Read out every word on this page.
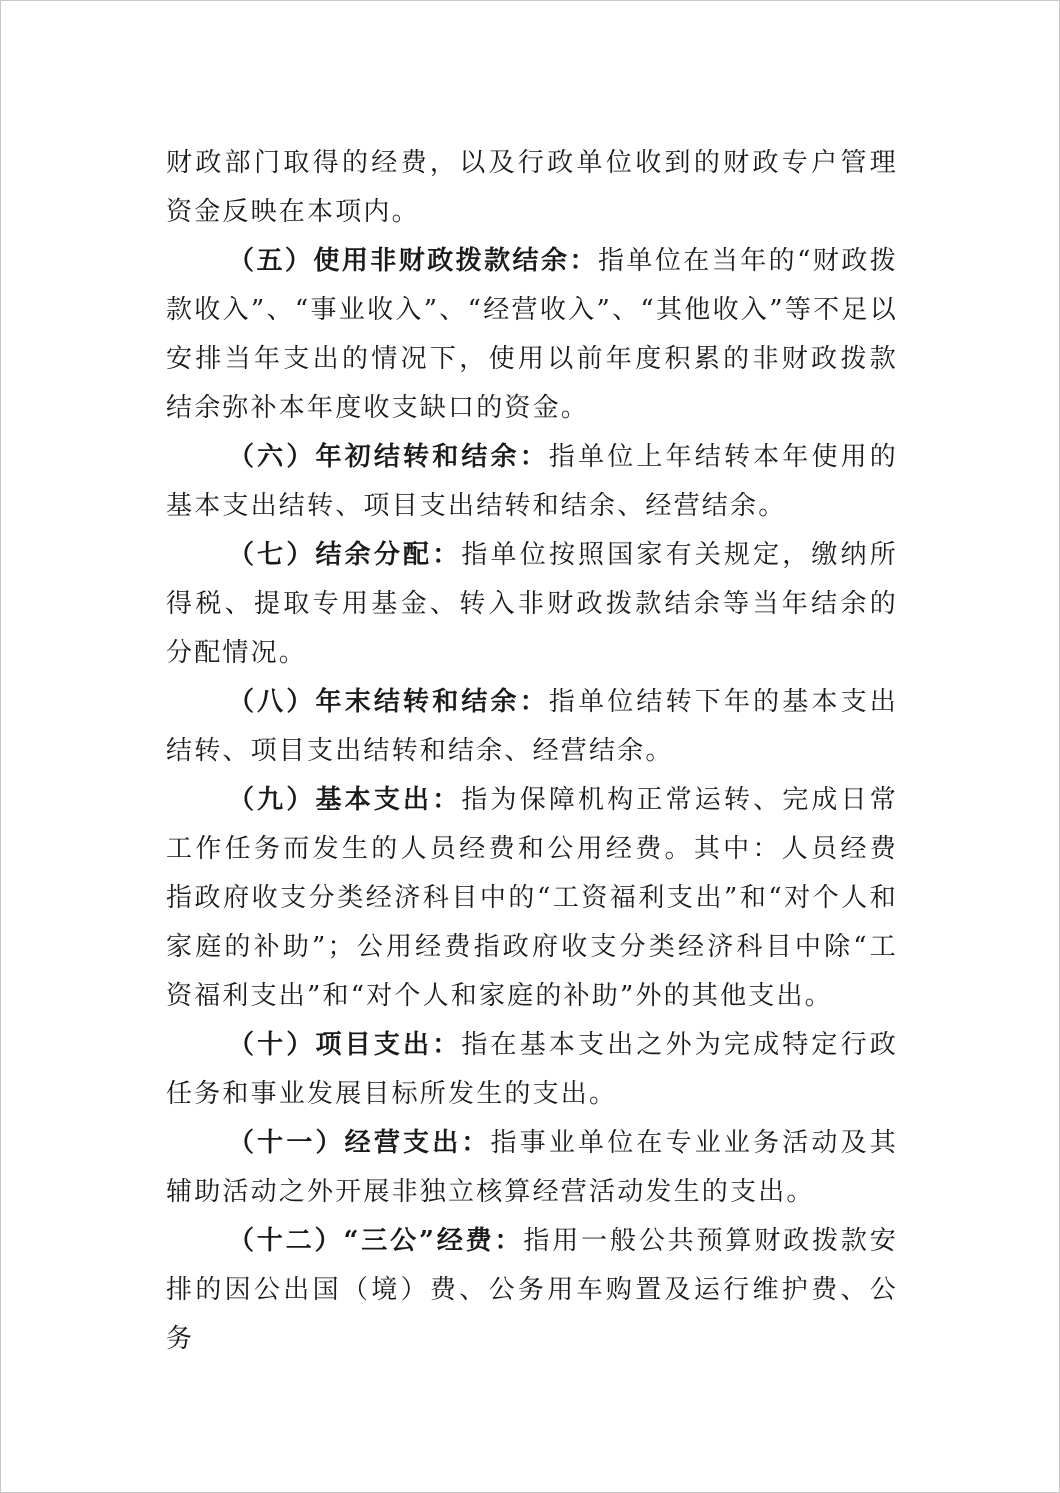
财政部门取得的经费，以及行政单位收到的财政专户管理资金反映在本项内。

（五）使用非财政拨款结余：指单位在当年的“财政拨款收入”、“事业收入”、“经营收入”、“其他收入”等不足以安排当年支出的情况下，使用以前年度积累的非财政拨款结余弥补本年度收支缺口的资金。

（六）年初结转和结余：指单位上年结转本年使用的基本支出结转、项目支出结转和结余、经营结余。

（七）结余分配：指单位按照国家有关规定，缴纳所得税、提取专用基金、转入非财政拨款结余等当年结余的分配情况。

（八）年末结转和结余：指单位结转下年的基本支出结转、项目支出结转和结余、经营结余。

（九）基本支出：指为保障机构正常运转、完成日常工作任务而发生的人员经费和公用经费。其中：人员经费指政府收支分类经济科目中的“工资福利支出”和“对个人和家庭的补助”；公用经费指政府收支分类经济科目中除“工资福利支出”和“对个人和家庭的补助”外的其他支出。

（十）项目支出：指在基本支出之外为完成特定行政任务和事业发展目标所发生的支出。

（十一）经营支出：指事业单位在专业业务活动及其辅助活动之外开展非独立核算经营活动发生的支出。

（十二）“三公”经费：指用一般公共预算财政拨款安排的因公出国（境）费、公务用车购置及运行维护费、公务
